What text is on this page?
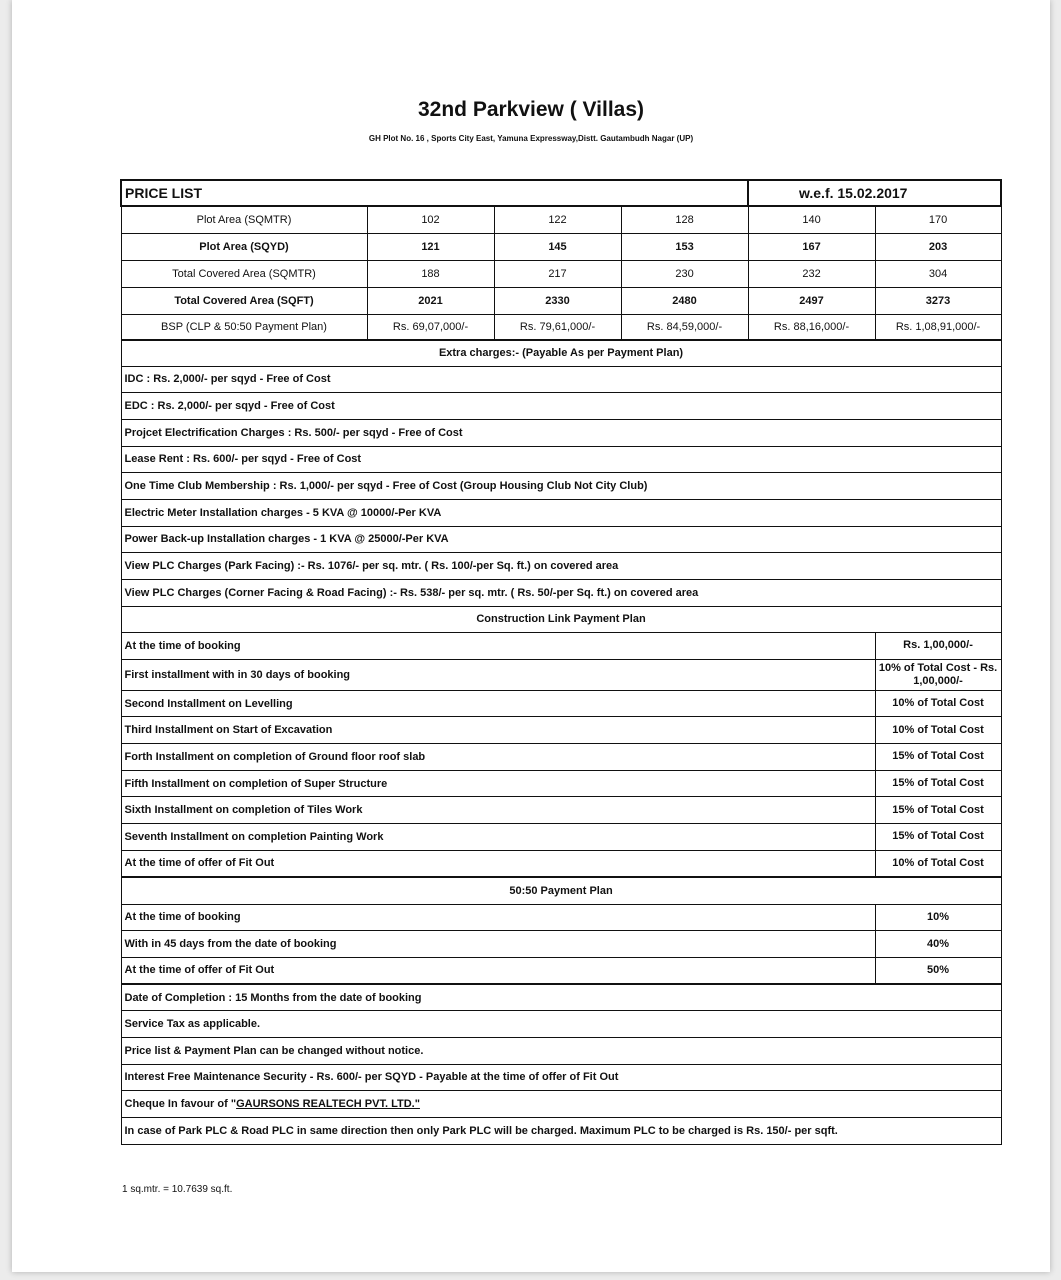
32nd Parkview ( Villas)
GH Plot No. 16 , Sports City East, Yamuna Expressway,Distt. Gautambudh Nagar (UP)
PRICE LIST				w.e.f. 15.02.2017	
Plot Area (SQMTR)	102	122	128	140	170
Plot Area (SQYD)	121	145	153	167	203
Total Covered Area (SQMTR)	188	217	230	232	304
Total Covered Area (SQFT)	2021	2330	2480	2497	3273
BSP (CLP & 50:50 Payment Plan)	Rs. 69,07,000/-	Rs. 79,61,000/-	Rs. 84,59,000/-	Rs. 88,16,000/-	Rs. 1,08,91,000/-
Extra charges:- (Payable As per Payment Plan)					
IDC : Rs. 2,000/- per sqyd - Free of Cost					
EDC : Rs. 2,000/- per sqyd - Free of Cost					
Projcet Electrification Charges : Rs. 500/- per sqyd - Free of Cost					
Lease Rent : Rs. 600/- per sqyd - Free of Cost					
One Time Club Membership : Rs. 1,000/- per sqyd - Free of Cost (Group Housing Club Not City Club)					
Electric Meter Installation charges - 5 KVA @ 10000/-Per KVA					
Power Back-up Installation charges - 1 KVA @ 25000/-Per KVA					
View PLC Charges (Park Facing) :- Rs. 1076/- per sq. mtr. ( Rs. 100/-per Sq. ft.) on covered area					
View PLC Charges (Corner Facing & Road Facing) :- Rs. 538/- per sq. mtr. ( Rs. 50/-per Sq. ft.) on covered area					
Construction Link Payment Plan					
At the time of booking					Rs. 1,00,000/-
First installment with in 30 days of booking					10% of Total Cost - Rs. 1,00,000/-
Second Installment on Levelling					10% of Total Cost
Third Installment on Start of Excavation					10% of Total Cost
Forth Installment on completion of Ground floor roof slab					15% of Total Cost
Fifth Installment on completion of Super Structure					15% of Total Cost
Sixth Installment on completion of Tiles Work					15% of Total Cost
Seventh Installment on completion Painting Work					15% of Total Cost
At the time of offer of Fit Out					10% of Total Cost
50:50 Payment Plan					
At the time of booking					10%
With in 45 days from the date of booking					40%
At the time of offer of Fit Out					50%
Date of Completion : 15 Months from the date of booking					
Service Tax as applicable.					
Price list & Payment Plan can be changed without notice.					
Interest Free Maintenance Security - Rs. 600/- per SQYD - Payable at the time of offer of Fit Out					
Cheque In favour of "GAURSONS REALTECH PVT. LTD."					
In case of Park PLC & Road PLC in same direction then only Park PLC will be charged. Maximum PLC to be charged is Rs. 150/- per sqft.					
1 sq.mtr. = 10.7639 sq.ft.
